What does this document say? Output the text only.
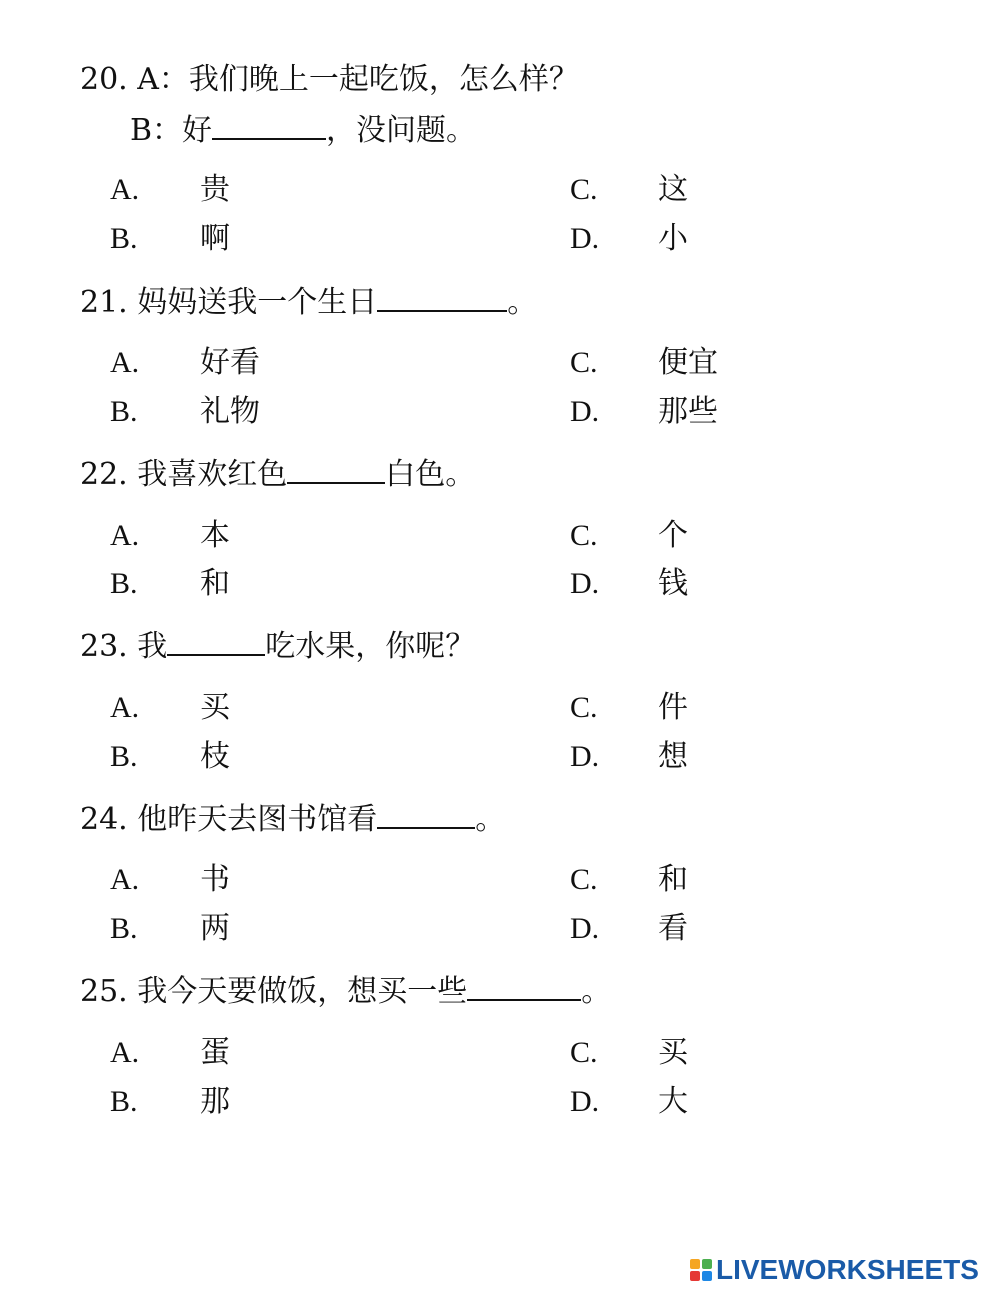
20. A：我们晚上一起吃饭，怎么样？
B：好	，没问题。
A. 贵	C. 这
B. 啊	D. 小
21. 妈妈送我一个生日	。
A. 好看	C. 便宜
B. 礼物	D. 那些
22. 我喜欢红色	白色。
A. 本	C. 个
B. 和	D. 钱
23. 我	吃水果，你呢？
A. 买	C. 件
B. 枝	D. 想
24. 他昨天去图书馆看	。
A. 书	C. 和
B. 两	D. 看
25. 我今天要做饭，想买一些	。
A. 蛋	C. 买
B. 那	D. 大
LIVEWORKSHEETS
